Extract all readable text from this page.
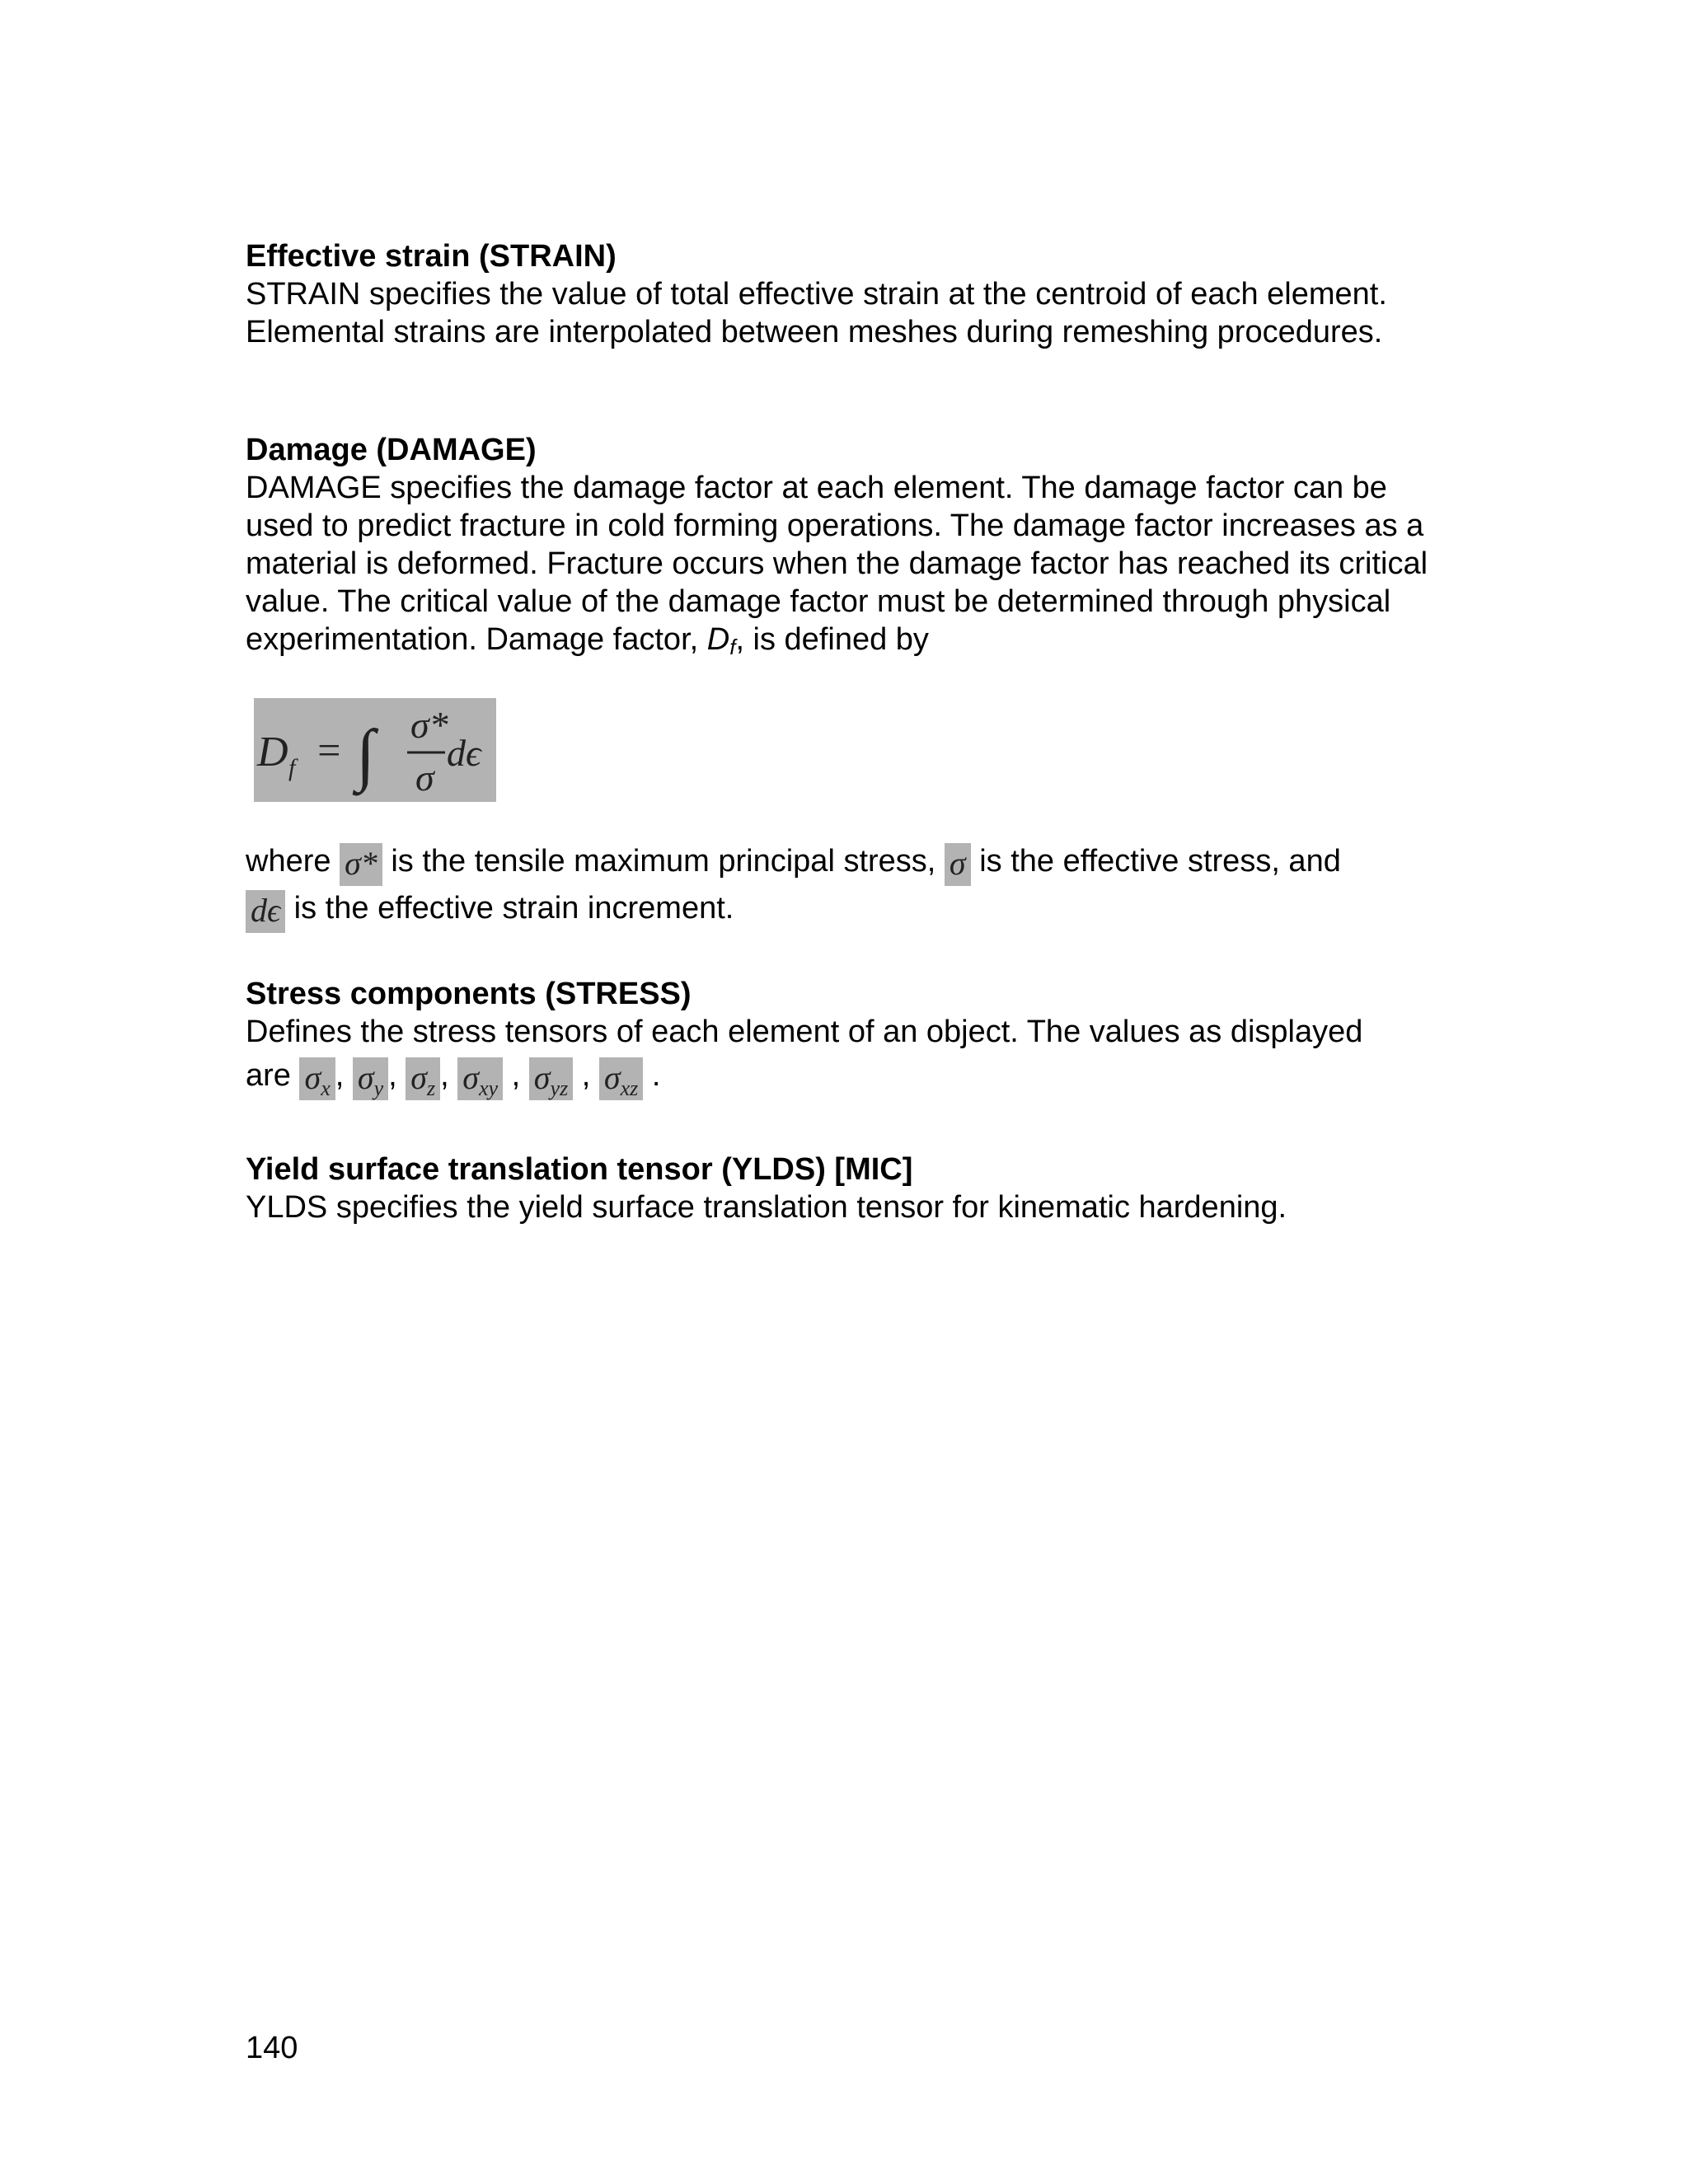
Effective strain (STRAIN)

STRAIN specifies the value of total effective strain at the centroid of each element. Elemental strains are interpolated between meshes during remeshing procedures.

Damage (DAMAGE)

DAMAGE specifies the damage factor at each element. The damage factor can be used to predict fracture in cold forming operations. The damage factor increases as a material is deformed. Fracture occurs when the damage factor has reached its critical value. The critical value of the damage factor must be determined through physical experimentation. Damage factor, $D_f$, is defined by

D f = ∫ σ*
σ
dϵ

where σ* is the tensile maximum principal stress, σ is the effective stress, and
dϵ is the effective strain increment.

Stress components (STRESS)

Defines the stress tensors of each element of an object. The values as displayed

are $\sigma_x$ , $\sigma_y$ , $\sigma_z$ , $\sigma_{xy}$ , $\sigma_{yz}$ , $\sigma_{xz}$ .

Yield surface translation tensor (YLDS) [MIC]

YLDS specifies the yield surface translation tensor for kinematic hardening.

140
